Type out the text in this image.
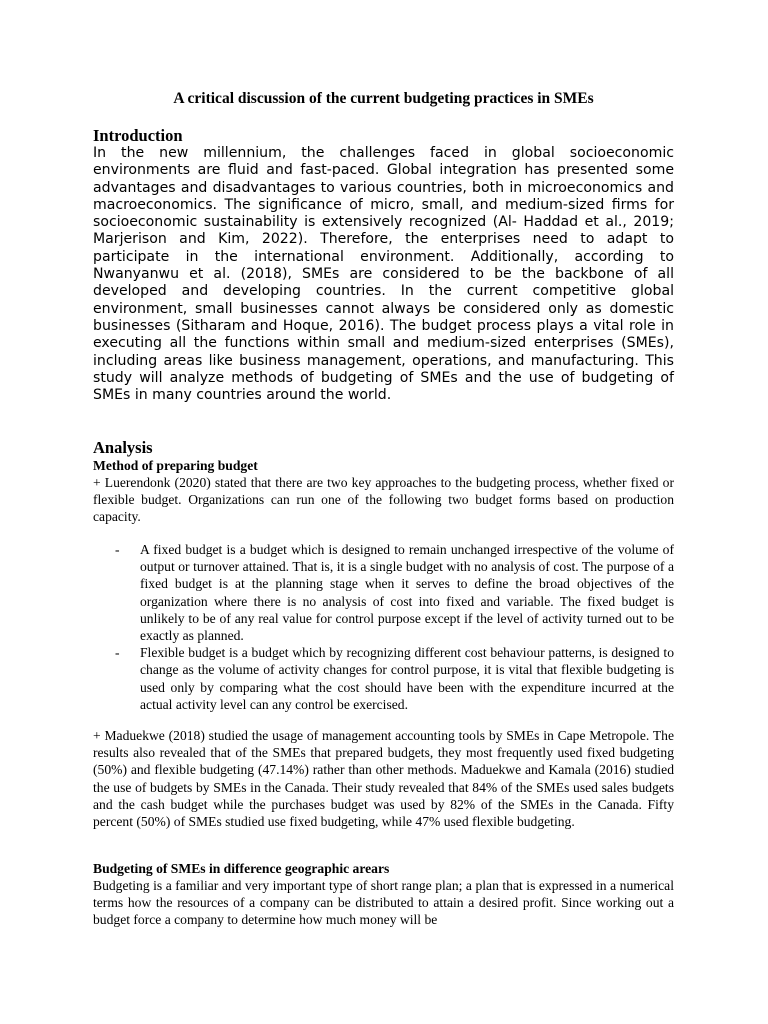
A critical discussion of the current budgeting practices in SMEs
Introduction

In the new millennium, the challenges faced in global socioeconomic environments are fluid and fast-paced. Global integration has presented some advantages and disadvantages to various countries, both in microeconomics and macroeconomics. The significance of micro, small, and medium-sized firms for socioeconomic sustainability is extensively recognized (Al- Haddad et al., 2019; Marjerison and Kim, 2022). Therefore, the enterprises need to adapt to participate in the international environment. Additionally, according to Nwanyanwu et al. (2018), SMEs are considered to be the backbone of all developed and developing countries. In the current competitive global environment, small businesses cannot always be considered only as domestic businesses (Sitharam and Hoque, 2016). The budget process plays a vital role in executing all the functions within small and medium-sized enterprises (SMEs), including areas like business management, operations, and manufacturing. This study will analyze methods of budgeting of SMEs and the use of budgeting of SMEs in many countries around the world.

Analysis
Method of preparing budget

+ Luerendonk (2020) stated that there are two key approaches to the budgeting process, whether fixed or flexible budget. Organizations can run one of the following two budget forms based on production capacity.

- A fixed budget is a budget which is designed to remain unchanged irrespective of the volume of output or turnover attained. That is, it is a single budget with no analysis of cost. The purpose of a fixed budget is at the planning stage when it serves to define the broad objectives of the organization where there is no analysis of cost into fixed and variable. The fixed budget is unlikely to be of any real value for control purpose except if the level of activity turned out to be exactly as planned.
- Flexible budget is a budget which by recognizing different cost behaviour patterns, is designed to change as the volume of activity changes for control purpose, it is vital that flexible budgeting is used only by comparing what the cost should have been with the expenditure incurred at the actual activity level can any control be exercised.

+ Maduekwe (2018) studied the usage of management accounting tools by SMEs in Cape Metropole. The results also revealed that of the SMEs that prepared budgets, they most frequently used fixed budgeting (50%) and flexible budgeting (47.14%) rather than other methods. Maduekwe and Kamala (2016) studied the use of budgets by SMEs in the Canada. Their study revealed that 84% of the SMEs used sales budgets and the cash budget while the purchases budget was used by 82% of the SMEs in the Canada. Fifty percent (50%) of SMEs studied use fixed budgeting, while 47% used flexible budgeting.

Budgeting of SMEs in difference geographic arears

Budgeting is a familiar and very important type of short range plan; a plan that is expressed in a numerical terms how the resources of a company can be distributed to attain a desired profit. Since working out a budget force a company to determine how much money will be
